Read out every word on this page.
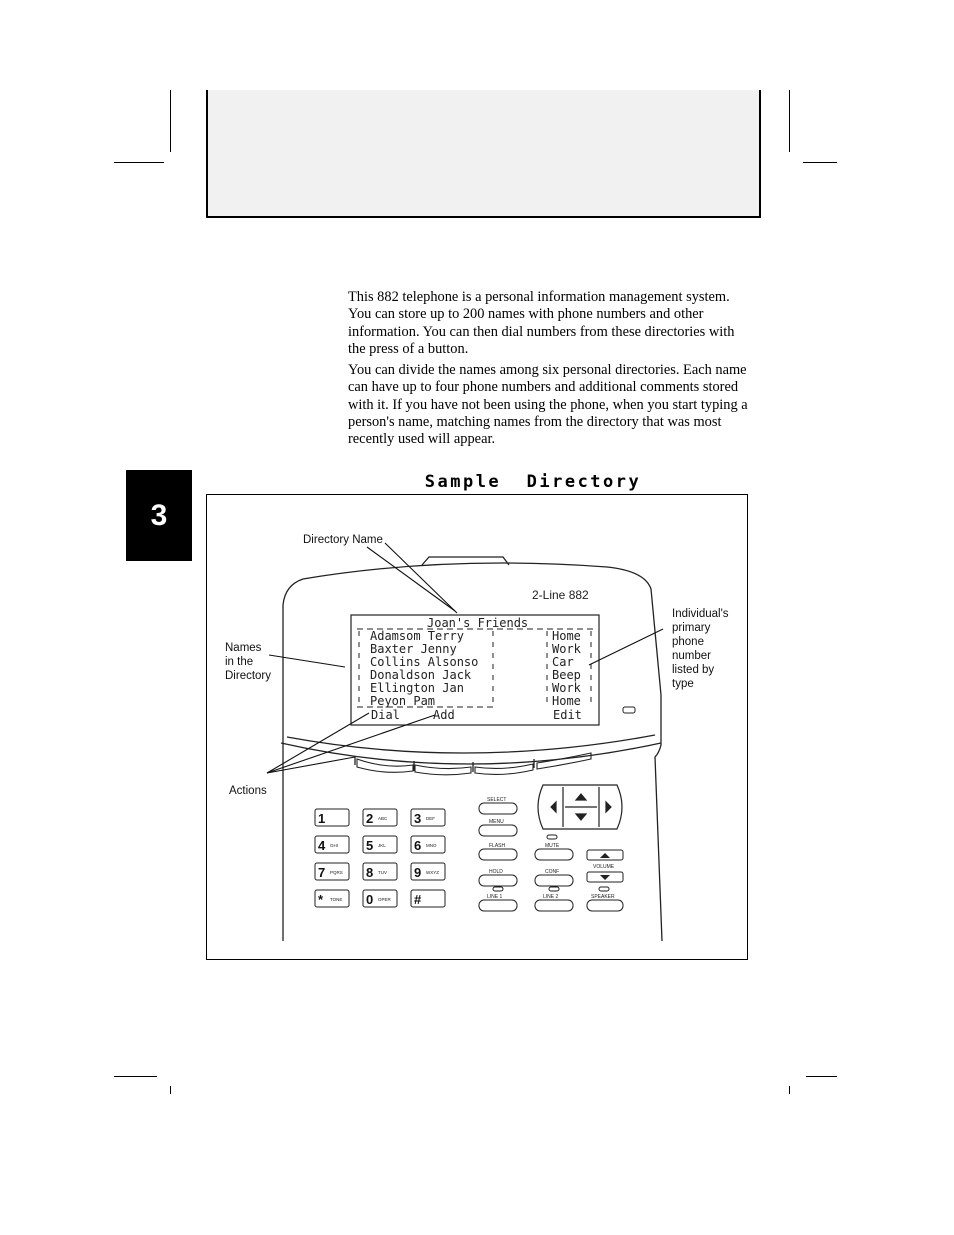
This 882 telephone is a personal information management system. You can store up to 200 names with phone numbers and other information. You can then dial numbers from these directories with the press of a button.

You can divide the names among six personal directories. Each name can have up to four phone numbers and additional comments stored with it. If you have not been using the phone, when you start typing a person's name, matching names from the directory that was most recently used will appear.

3
Sample  Directory
2-Line 882
Joan's Friends
Adamsom Terry	Home
Baxter Jenny	Work
Collins Alsonso	Car
Donaldson Jack	Beep
Ellington Jan	Work
Peyon Pam	Home
Dial	Add	Edit
1	2 ABC 3 DEF
4 GHI 5 JKL 6 MNO
7 PQRS 8 TUV 9 WXYZ
* TONE 0 OPER #
SELECT
MENU
FLASH
HOLD
LINE 1
MUTE
CONF
LINE 2
VOLUME
SPEAKER
Directory Name
Names
in the
Directory
Actions
Individual's
primary
phone
number
listed by
type
